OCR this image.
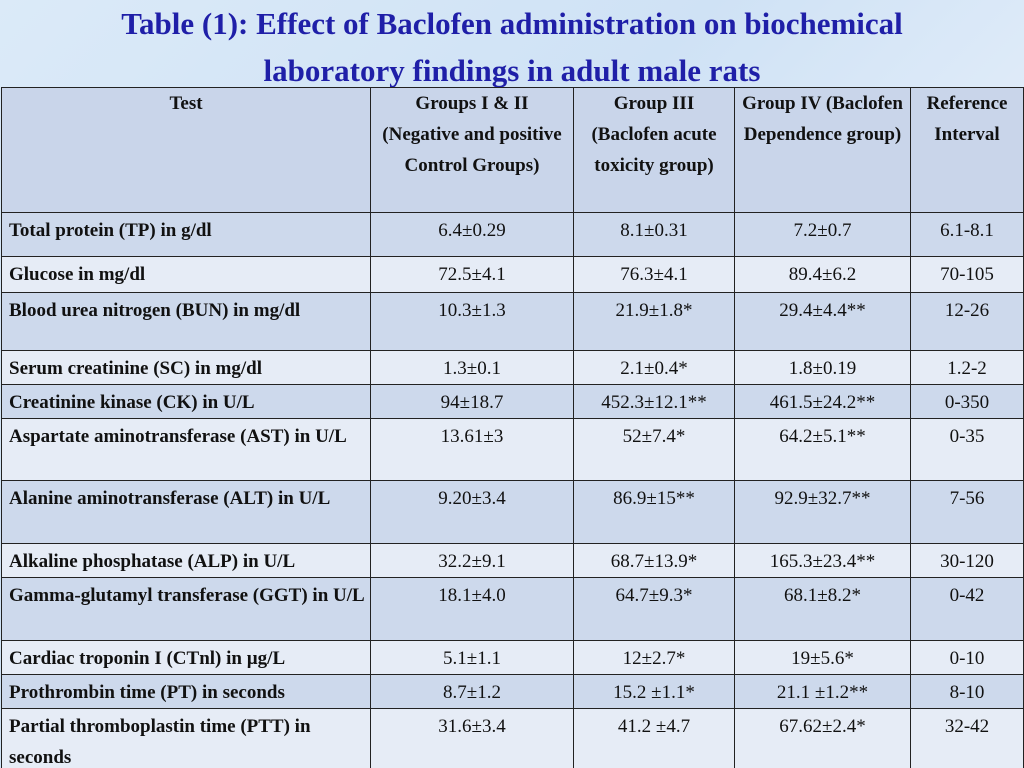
Table (1): Effect of Baclofen administration on biochemical
laboratory findings in adult male rats
Test	Groups I & II (Negative and positive Control Groups)	Group III (Baclofen acute toxicity group)	Group IV (Baclofen Dependence group)	Reference Interval
Total protein (TP) in g/dl	6.4±0.29	8.1±0.31	7.2±0.7	6.1-8.1
Glucose in mg/dl	72.5±4.1	76.3±4.1	89.4±6.2	70-105
Blood urea nitrogen (BUN) in mg/dl	10.3±1.3	21.9±1.8*	29.4±4.4**	12-26
Serum creatinine (SC) in mg/dl	1.3±0.1	2.1±0.4*	1.8±0.19	1.2-2
Creatinine kinase (CK) in U/L	94±18.7	452.3±12.1**	461.5±24.2**	0-350
Aspartate aminotransferase (AST) in U/L	13.61±3	52±7.4*	64.2±5.1**	0-35
Alanine aminotransferase (ALT) in U/L	9.20±3.4	86.9±15**	92.9±32.7**	7-56
Alkaline phosphatase (ALP) in U/L	32.2±9.1	68.7±13.9*	165.3±23.4**	30-120
Gamma-glutamyl transferase (GGT) in U/L	18.1±4.0	64.7±9.3*	68.1±8.2*	0-42
Cardiac troponin I (CTnl) in µg/L	5.1±1.1	12±2.7*	19±5.6*	0-10
Prothrombin time (PT) in seconds	8.7±1.2	15.2 ±1.1*	21.1 ±1.2**	8-10
Partial thromboplastin time (PTT) in seconds	31.6±3.4	41.2 ±4.7	67.62±2.4*	32-42
